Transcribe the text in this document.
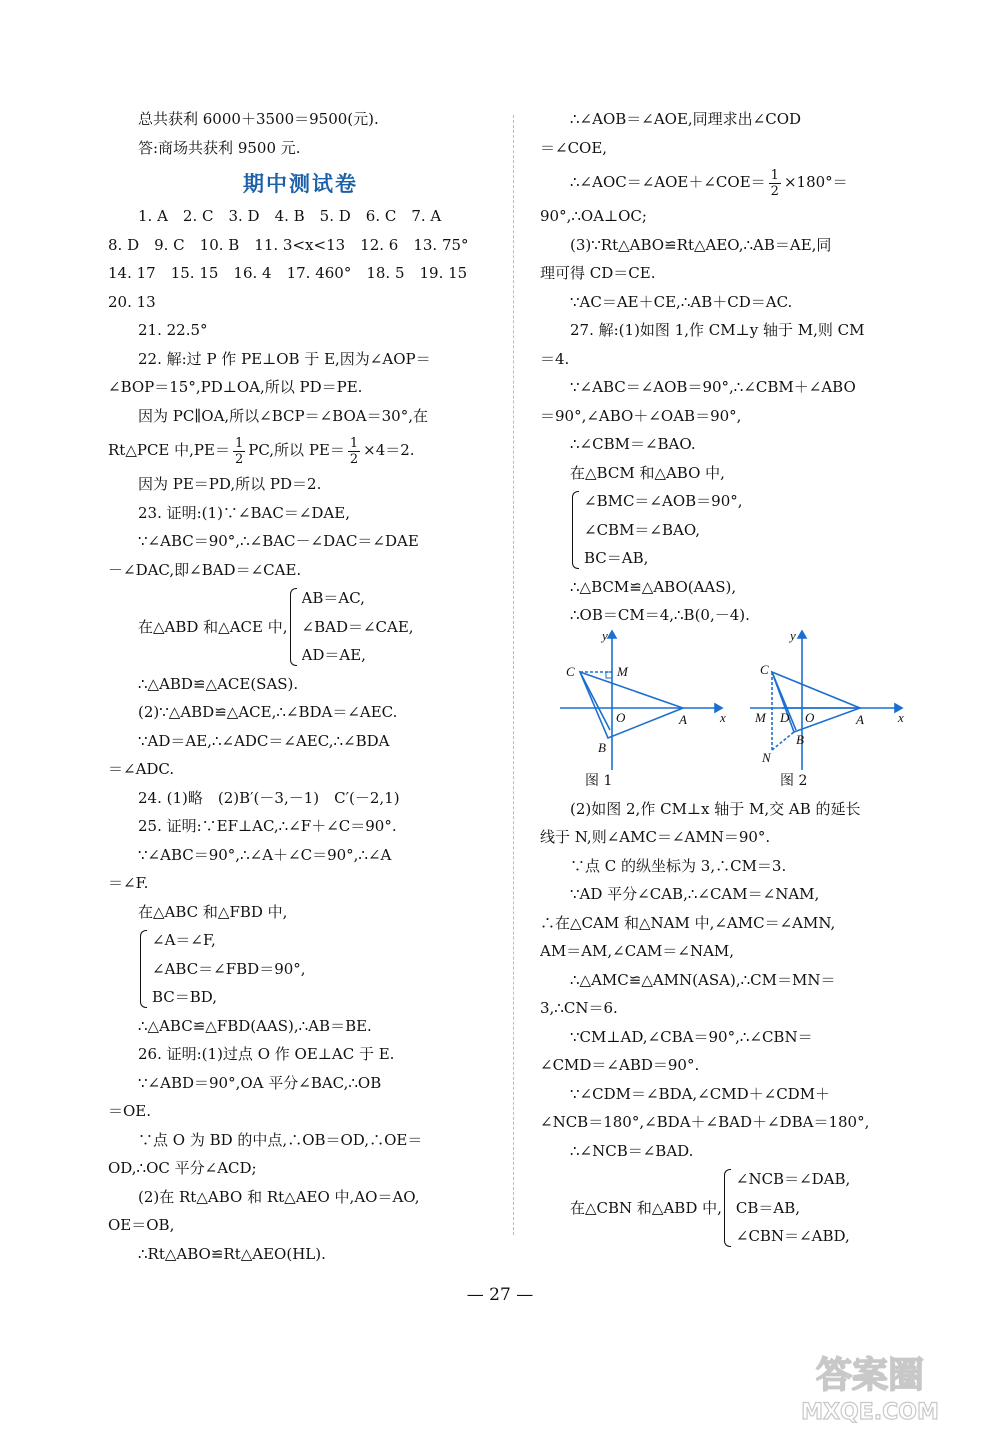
总共获利 6000＋3500＝9500(元).
答:商场共获利 9500 元.
期中测试卷
1. A　2. C　3. D　4. B　5. D　6. C　7. A
8. D　9. C　10. B　11. 3<x<13　12. 6　13. 75°
14. 17　15. 15　16. 4　17. 460°　18. 5　19. 15
20. 13
21. 22.5°
22. 解:过 P 作 PE⊥OB 于 E,因为∠AOP＝
∠BOP＝15°,PD⊥OA,所以 PD＝PE.
因为 PC∥OA,所以∠BCP＝∠BOA＝30°,在
Rt△PCE 中$,PE= \frac{1}{2}$ PC,所以 $PE= \frac{1}{2} \times 4=2$.
因为 PE＝PD,所以 PD＝2.
23. 证明:(1)∵∠BAC＝∠DAE,
∵∠ABC＝90°,∴∠BAC－∠DAC＝∠DAE
－∠DAC,即∠BAD＝∠CAE.
在△ABD 和△ACE 中,
AB＝AC,
∠BAD＝∠CAE,
AD＝AE,
∴△ABD≌△ACE(SAS).
(2)∵△ABD≌△ACE,∴∠BDA＝∠AEC.
∵AD＝AE,∴∠ADC＝∠AEC,∴∠BDA
＝∠ADC.
24. (1)略　(2)B′(－3,－1)　C′(－2,1)
25. 证明:∵EF⊥AC,∴∠F＋∠C＝90°.
∵∠ABC＝90°,∴∠A＋∠C＝90°,∴∠A
＝∠F.
在△ABC 和△FBD 中,
∠A＝∠F,
∠ABC＝∠FBD＝90°,
BC＝BD,
∴△ABC≌△FBD(AAS),∴AB＝BE.
26. 证明:(1)过点 O 作 OE⊥AC 于 E.
∵∠ABD＝90°,OA 平分∠BAC,∴OB
＝OE.
∵点 O 为 BD 的中点,∴OB＝OD,∴OE＝
OD,∴OC 平分∠ACD;
(2)在 Rt△ABO 和 Rt△AEO 中,AO＝AO,
OE＝OB,
∴Rt△ABO≌Rt△AEO(HL).
∴∠AOB＝∠AOE,同理求出∠COD
＝∠COE,
∴∠AOC＝∠AOE＋∠COE＝ $\frac{1}{2} \times 180^\circ=$
90°,∴OA⊥OC;
(3)∵Rt△ABO≌Rt△AEO,∴AB＝AE,同
理可得 CD＝CE.
∵AC＝AE＋CE,∴AB＋CD＝AC.
27. 解:(1)如图 1,作 CM⊥y 轴于 M,则 CM
＝4.
∵∠ABC＝∠AOB＝90°,∴∠CBM＋∠ABO
＝90°,∠ABO＋∠OAB＝90°,
∴∠CBM＝∠BAO.
在△BCM 和△ABO 中,
∠BMC＝∠AOB＝90°,
∠CBM＝∠BAO,
BC＝AB,
∴△BCM≌△ABO(AAS),
∴OB＝CM＝4,∴B(0,－4).
y
x
C	M
O	A
B
y
x
C
M D O	A
B
N
图 1	图 2
(2)如图 2,作 CM⊥x 轴于 M,交 AB 的延长
线于 N,则∠AMC＝∠AMN＝90°.
∵点 C 的纵坐标为 3,∴CM＝3.
∵AD 平分∠CAB,∴∠CAM＝∠NAM,
∴在△CAM 和△NAM 中,∠AMC＝∠AMN,
AM＝AM,∠CAM＝∠NAM,
∴△AMC≌△AMN(ASA),∴CM＝MN＝
3,∴CN＝6.
∵CM⊥AD,∠CBA＝90°,∴∠CBN＝
∠CMD＝∠ABD＝90°.
∵∠CDM＝∠BDA,∠CMD＋∠CDM＋
∠NCB＝180°,∠BDA＋∠BAD＋∠DBA＝180°,
∴∠NCB＝∠BAD.
在△CBN 和△ABD 中,
∠NCB＝∠DAB,
CB＝AB,
∠CBN＝∠ABD,
— 27 —
答案圈
MXQE.COM
